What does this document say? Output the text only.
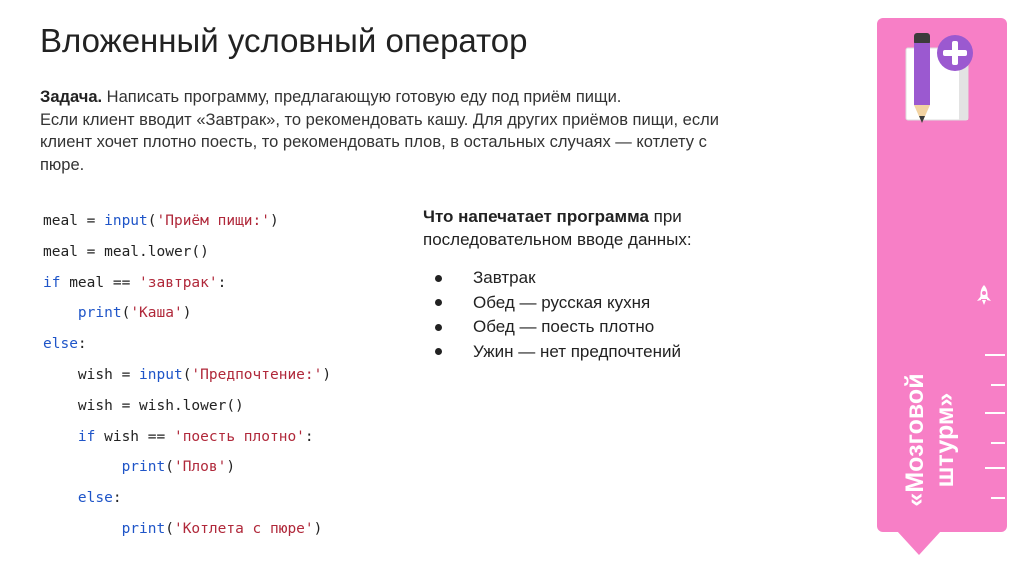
Вложенный условный оператор
Задача. Написать программу, предлагающую готовую еду под приём пищи.
Если клиент вводит «Завтрак», то рекомендовать кашу. Для других приёмов пищи, если
клиент хочет плотно поесть, то рекомендовать плов, в остальных случаях — котлету с
пюре.
meal = input('Приём пищи:')
meal = meal.lower()
if meal == 'завтрак':
print('Каша')
else:
wish = input('Предпочтение:')
wish = wish.lower()
if wish == 'поесть плотно':
print('Плов')
else:
print('Котлета с пюре')
Что напечатает программа при последовательном вводе данных:
Завтрак
Обед — русская кухня
Обед — поесть плотно
Ужин — нет предпочтений
«Мозговой
штурм»
